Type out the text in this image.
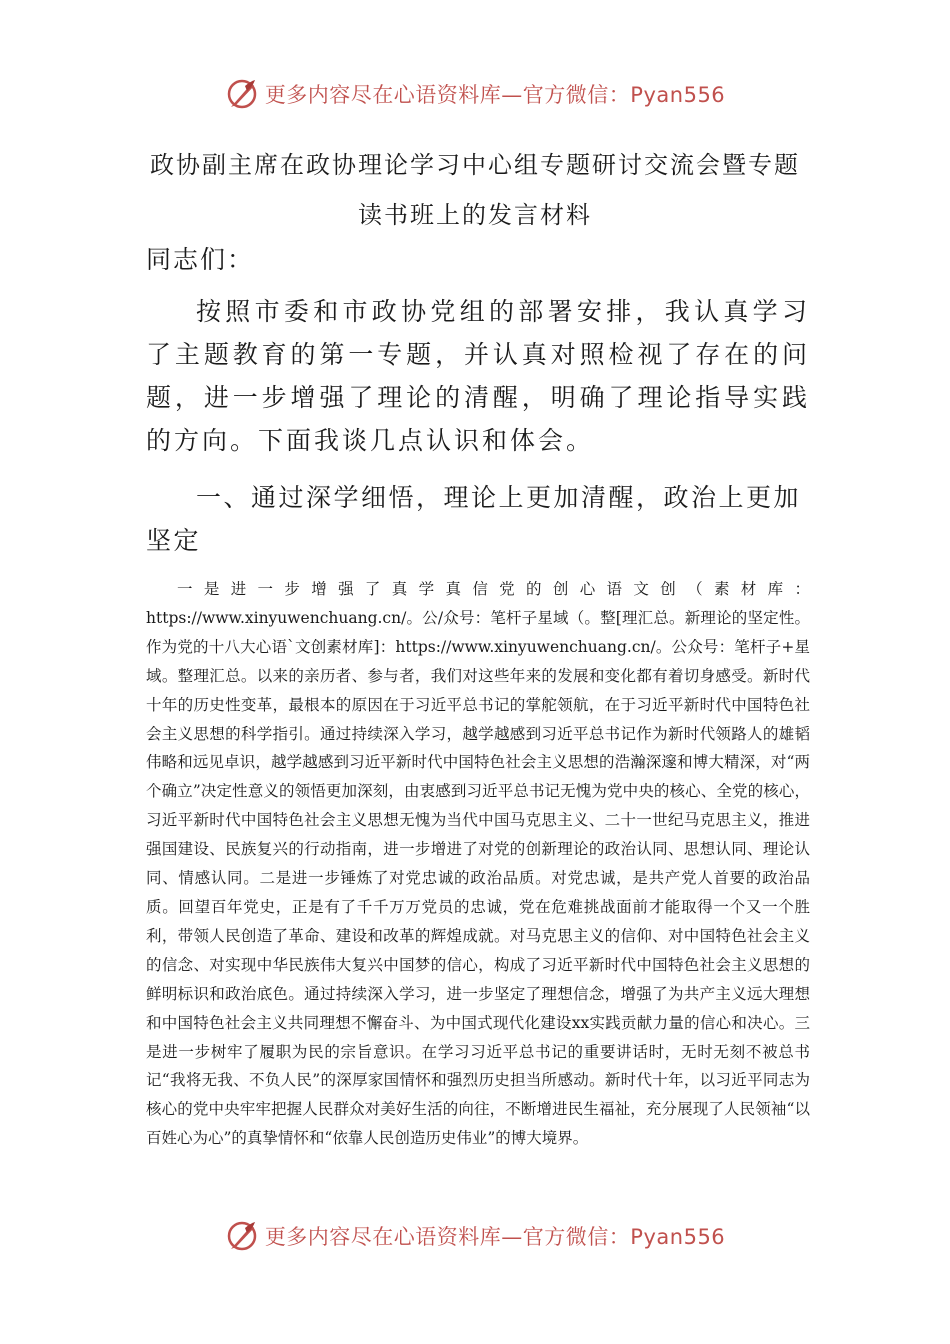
更多内容尽在心语资料库—官方微信：Pyan556
政协副主席在政协理论学习中心组专题研讨交流会暨专题读书班上的发言材料
同志们：
按照市委和市政协党组的部署安排，我认真学习了主题教育的第一专题，并认真对照检视了存在的问题，进一步增强了理论的清醒，明确了理论指导实践的方向。下面我谈几点认识和体会。
一、通过深学细悟，理论上更加清醒，政治上更加坚定
一是进一步增强了真学真信党的创心语文创（素材库：https://www.xinyuwenchuang.cn/。公/众号：笔杆子星域（。整[理汇总。新理论的坚定性。作为党的十八大心语`文创素材库]：https://www.xinyuwenchuang.cn/。公众号：笔杆子+星域。整理汇总。以来的亲历者、参与者，我们对这些年来的发展和变化都有着切身感受。新时代十年的历史性变革，最根本的原因在于习近平总书记的掌舵领航，在于习近平新时代中国特色社会主义思想的科学指引。通过持续深入学习，越学越感到习近平总书记作为新时代领路人的雄韬伟略和远见卓识，越学越感到习近平新时代中国特色社会主义思想的浩瀚深邃和博大精深，对“两个确立”决定性意义的领悟更加深刻，由衷感到习近平总书记无愧为党中央的核心、全党的核心，习近平新时代中国特色社会主义思想无愧为当代中国马克思主义、二十一世纪马克思主义，推进强国建设、民族复兴的行动指南，进一步增进了对党的创新理论的政治认同、思想认同、理论认同、情感认同。二是进一步锤炼了对党忠诚的政治品质。对党忠诚，是共产党人首要的政治品质。回望百年党史，正是有了千千万万党员的忠诚，党在危难挑战面前才能取得一个又一个胜利，带领人民创造了革命、建设和改革的辉煌成就。对马克思主义的信仰、对中国特色社会主义的信念、对实现中华民族伟大复兴中国梦的信心，构成了习近平新时代中国特色社会主义思想的鲜明标识和政治底色。通过持续深入学习，进一步坚定了理想信念，增强了为共产主义远大理想和中国特色社会主义共同理想不懈奋斗、为中国式现代化建设xx实践贡献力量的信心和决心。三是进一步树牢了履职为民的宗旨意识。在学习习近平总书记的重要讲话时，无时无刻不被总书记“我将无我、不负人民”的深厚家国情怀和强烈历史担当所感动。新时代十年，以习近平同志为核心的党中央牢牢把握人民群众对美好生活的向往，不断增进民生福祉，充分展现了人民领袖“以百姓心为心”的真挚情怀和“依靠人民创造历史伟业”的博大境界。
更多内容尽在心语资料库—官方微信：Pyan556
